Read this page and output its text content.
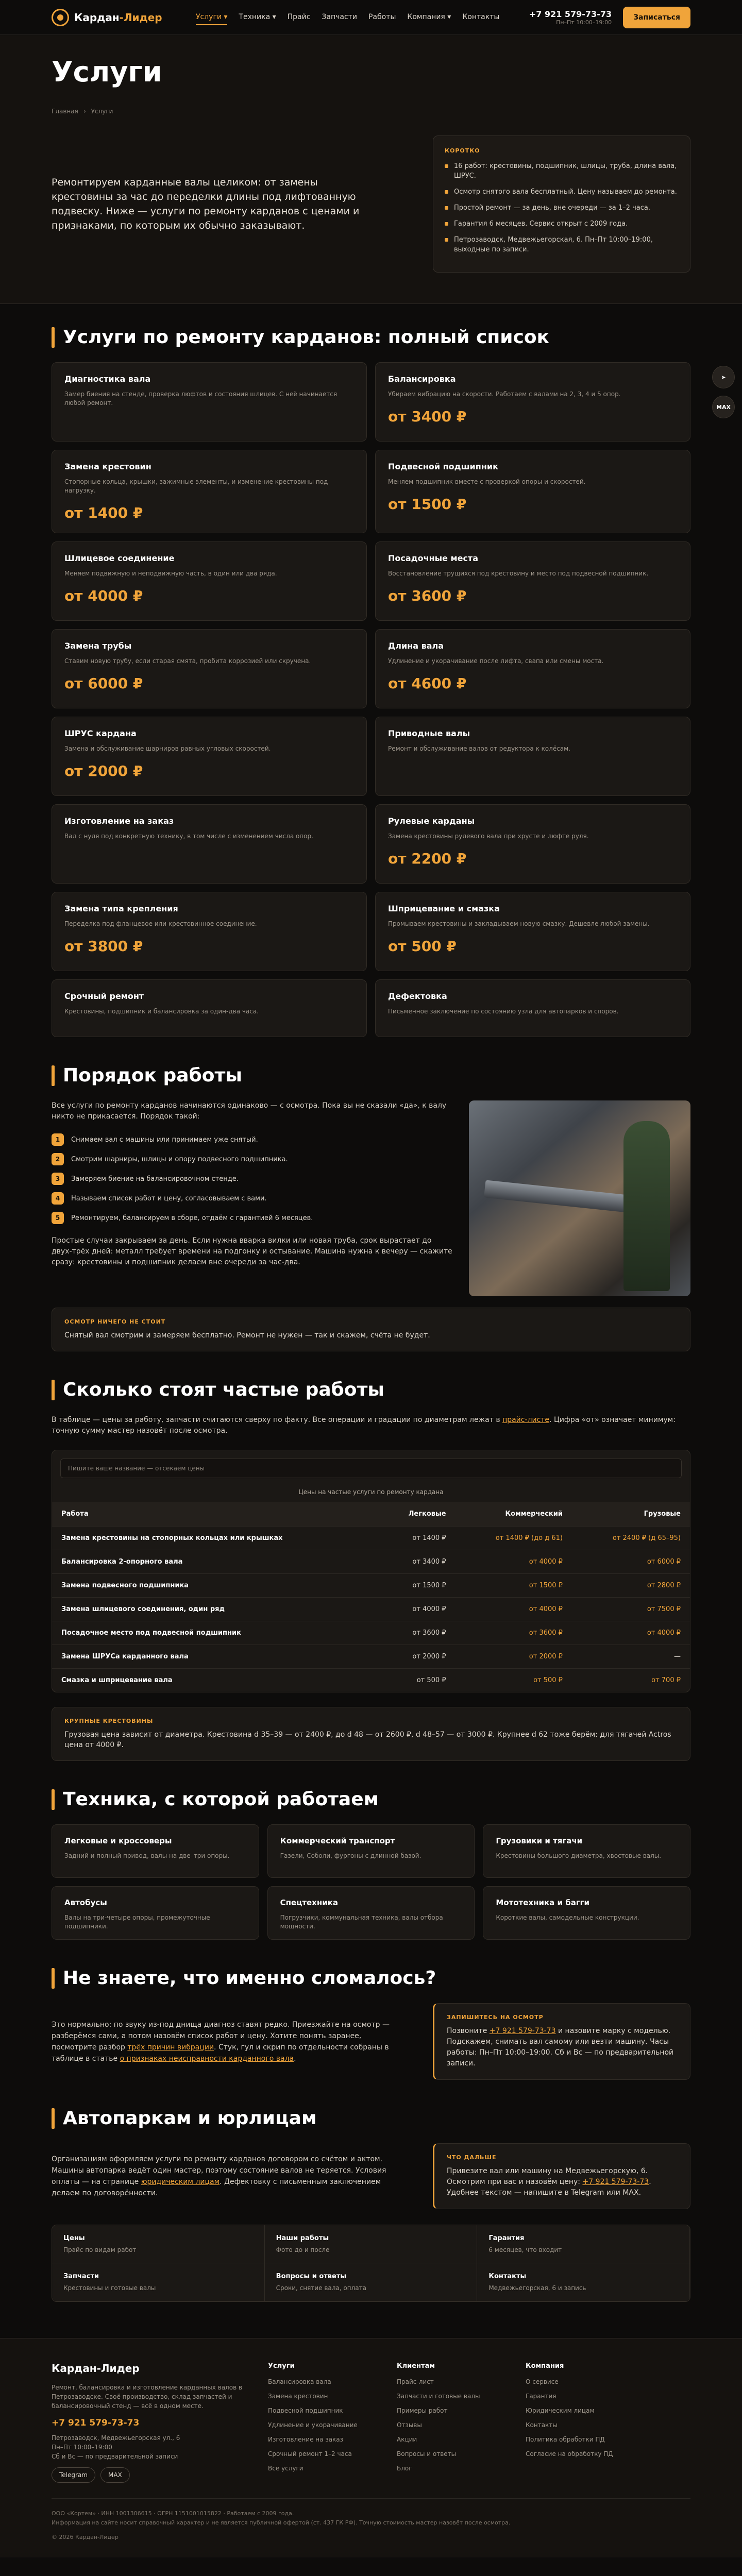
Кардан-Лидер	Услуги ▾ Техника ▾ Прайс Запчасти Работы Компания ▾ Контакты	+7 921 579-73-73
Пн–Пт 10:00–19:00
Записаться
Услуги
Главная › Услуги

Ремонтируем карданные валы целиком: от замены крестовины за час до переделки длины под лифтованную подвеску. Ниже — услуги по ремонту карданов с ценами и признаками, по которым их обычно заказывают.

КОРОТКО
16 работ: крестовины, подшипник, шлицы, труба, длина вала, ШРУС.
Осмотр снятого вала бесплатный. Цену называем до ремонта.
Простой ремонт — за день, вне очереди — за 1–2 часа.
Гарантия 6 месяцев. Сервис открыт с 2009 года.
Петрозаводск, Медвежьегорская, 6. Пн–Пт 10:00–19:00, выходные по записи.
Услуги по ремонту карданов: полный список
Диагностика вала

Замер биения на стенде, проверка люфтов и состояния шлицев. С неё начинается любой ремонт.

Балансировка

Убираем вибрацию на скорости. Работаем с валами на 2, 3, 4 и 5 опор.

от 3400 ₽
Замена крестовин

Стопорные кольца, крышки, зажимные элементы, и изменение крестовины под нагрузку.

от 1400 ₽
Подвесной подшипник

Меняем подшипник вместе с проверкой опоры и скоростей.

от 1500 ₽
Шлицевое соединение

Меняем подвижную и неподвижную часть, в один или два ряда.

от 4000 ₽
Посадочные места

Восстановление трущихся под крестовину и место под подвесной подшипник.

от 3600 ₽
Замена трубы

Ставим новую трубу, если старая смята, пробита коррозией или скручена.

от 6000 ₽
Длина вала

Удлинение и укорачивание после лифта, свапа или смены моста.

от 4600 ₽
ШРУС кардана

Замена и обслуживание шарниров равных угловых скоростей.

от 2000 ₽
Приводные валы

Ремонт и обслуживание валов от редуктора к колёсам.

Изготовление на заказ

Вал с нуля под конкретную технику, в том числе с изменением числа опор.

Рулевые карданы

Замена крестовины рулевого вала при хрусте и люфте руля.

от 2200 ₽
Замена типа крепления

Переделка под фланцевое или крестовинное соединение.

от 3800 ₽
Шприцевание и смазка

Промываем крестовины и закладываем новую смазку. Дешевле любой замены.

от 500 ₽
Срочный ремонт

Крестовины, подшипник и балансировка за один-два часа.

Дефектовка

Письменное заключение по состоянию узла для автопарков и споров.

Порядок работы

Все услуги по ремонту карданов начинаются одинаково — с осмотра. Пока вы не сказали «да», к валу никто не прикасается. Порядок такой:

1	Снимаем вал с машины или принимаем уже снятый.
2	Смотрим шарниры, шлицы и опору подвесного подшипника.
3	Замеряем биение на балансировочном стенде.
4	Называем список работ и цену, согласовываем с вами.
5	Ремонтируем, балансируем в сборе, отдаём с гарантией 6 месяцев.

Простые случаи закрываем за день. Если нужна вварка вилки или новая труба, срок вырастает до двух-трёх дней: металл требует времени на подгонку и остывание. Машина нужна к вечеру — скажите сразу: крестовины и подшипник делаем вне очереди за час-два.

ОСМОТР НИЧЕГО НЕ СТОИТ

Снятый вал смотрим и замеряем бесплатно. Ремонт не нужен — так и скажем, счёта не будет.

Сколько стоят частые работы

В таблице — цены за работу, запчасти считаются сверху по факту. Все операции и градации по диаметрам лежат в прайс-листе. Цифра «от» означает минимум: точную сумму мастер назовёт после осмотра.

Пишите ваше название — отсекаем цены
Цены на частые услуги по ремонту кардана
Работа	Легковые	Коммерческий	Грузовые
Замена крестовины на стопорных кольцах или крышках	от 1400 ₽	от 1400 ₽ (до д 61)	от 2400 ₽ (д 65–95)
Балансировка 2-опорного вала	от 3400 ₽	от 4000 ₽	от 6000 ₽
Замена подвесного подшипника	от 1500 ₽	от 1500 ₽	от 2800 ₽
Замена шлицевого соединения, один ряд	от 4000 ₽	от 4000 ₽	от 7500 ₽
Посадочное место под подвесной подшипник	от 3600 ₽	от 3600 ₽	от 4000 ₽
Замена ШРУСа карданного вала	от 2000 ₽	от 2000 ₽	—
Смазка и шприцевание вала	от 500 ₽	от 500 ₽	от 700 ₽
КРУПНЫЕ КРЕСТОВИНЫ

Грузовая цена зависит от диаметра. Крестовина d 35–39 — от 2400 ₽, до d 48 — от 2600 ₽, d 48–57 — от 3000 ₽. Крупнее d 62 тоже берём: для тягачей Actros цена от 4000 ₽.

Техника, с которой работаем
Легковые и кроссоверы

Задний и полный привод, валы на две–три опоры.

Коммерческий транспорт

Газели, Соболи, фургоны с длинной базой.

Грузовики и тягачи

Крестовины большого диаметра, хвостовые валы.

Автобусы

Валы на три-четыре опоры, промежуточные подшипники.

Спецтехника

Погрузчики, коммунальная техника, валы отбора мощности.

Мототехника и багги

Короткие валы, самодельные конструкции.

Не знаете, что именно сломалось?

Это нормально: по звуку из-под днища диагноз ставят редко. Приезжайте на осмотр — разберёмся сами, а потом назовём список работ и цену. Хотите понять заранее, посмотрите разбор трёх причин вибрации. Стук, гул и скрип по отдельности собраны в таблице в статье о признаках неисправности карданного вала.

ЗАПИШИТЕСЬ НА ОСМОТР

Позвоните +7 921 579-73-73 и назовите марку с моделью. Подскажем, снимать вал самому или везти машину. Часы работы: Пн–Пт 10:00–19:00. Сб и Вс — по предварительной записи.

Автопаркам и юрлицам

Организациям оформляем услуги по ремонту карданов договором со счётом и актом. Машины автопарка ведёт один мастер, поэтому состояние валов не теряется. Условия оплаты — на странице юридическим лицам. Дефектовку с письменным заключением делаем по договорённости.

ЧТО ДАЛЬШЕ

Привезите вал или машину на Медвежьегорскую, 6. Осмотрим при вас и назовём цену: +7 921 579-73-73. Удобнее текстом — напишите в Telegram или MAX.

Цены

Прайс по видам работ

Наши работы

Фото до и после

Гарантия

6 месяцев, что входит

Запчасти

Крестовины и готовые валы

Вопросы и ответы

Сроки, снятие вала, оплата

Контакты

Медвежьегорская, 6 и запись

Кардан-Лидер

Ремонт, балансировка и изготовление карданных валов в Петрозаводске. Своё производство, склад запчастей и балансировочный стенд — всё в одном месте.

+7 921 579-73-73

Петрозаводск, Медвежьегорская ул., 6
Пн–Пт 10:00–19:00
Сб и Вс — по предварительной записи

Telegram	MAX
Услуги
Балансировка вала
Замена крестовин
Подвесной подшипник
Удлинение и укорачивание
Изготовление на заказ
Срочный ремонт 1–2 часа
Все услуги
Клиентам
Прайс-лист
Запчасти и готовые валы
Примеры работ
Отзывы
Акции
Вопросы и ответы
Блог
Компания
О сервисе
Гарантия
Юридическим лицам
Контакты
Политика обработки ПД
Согласие на обработку ПД
ООО «Кортем» · ИНН 1001306615 · ОГРН 1151001015822 · Работаем с 2009 года.
Информация на сайте носит справочный характер и не является публичной офертой (ст. 437 ГК РФ). Точную стоимость мастер назовёт после осмотра.
© 2026 Кардан-Лидер
➤
MAX
